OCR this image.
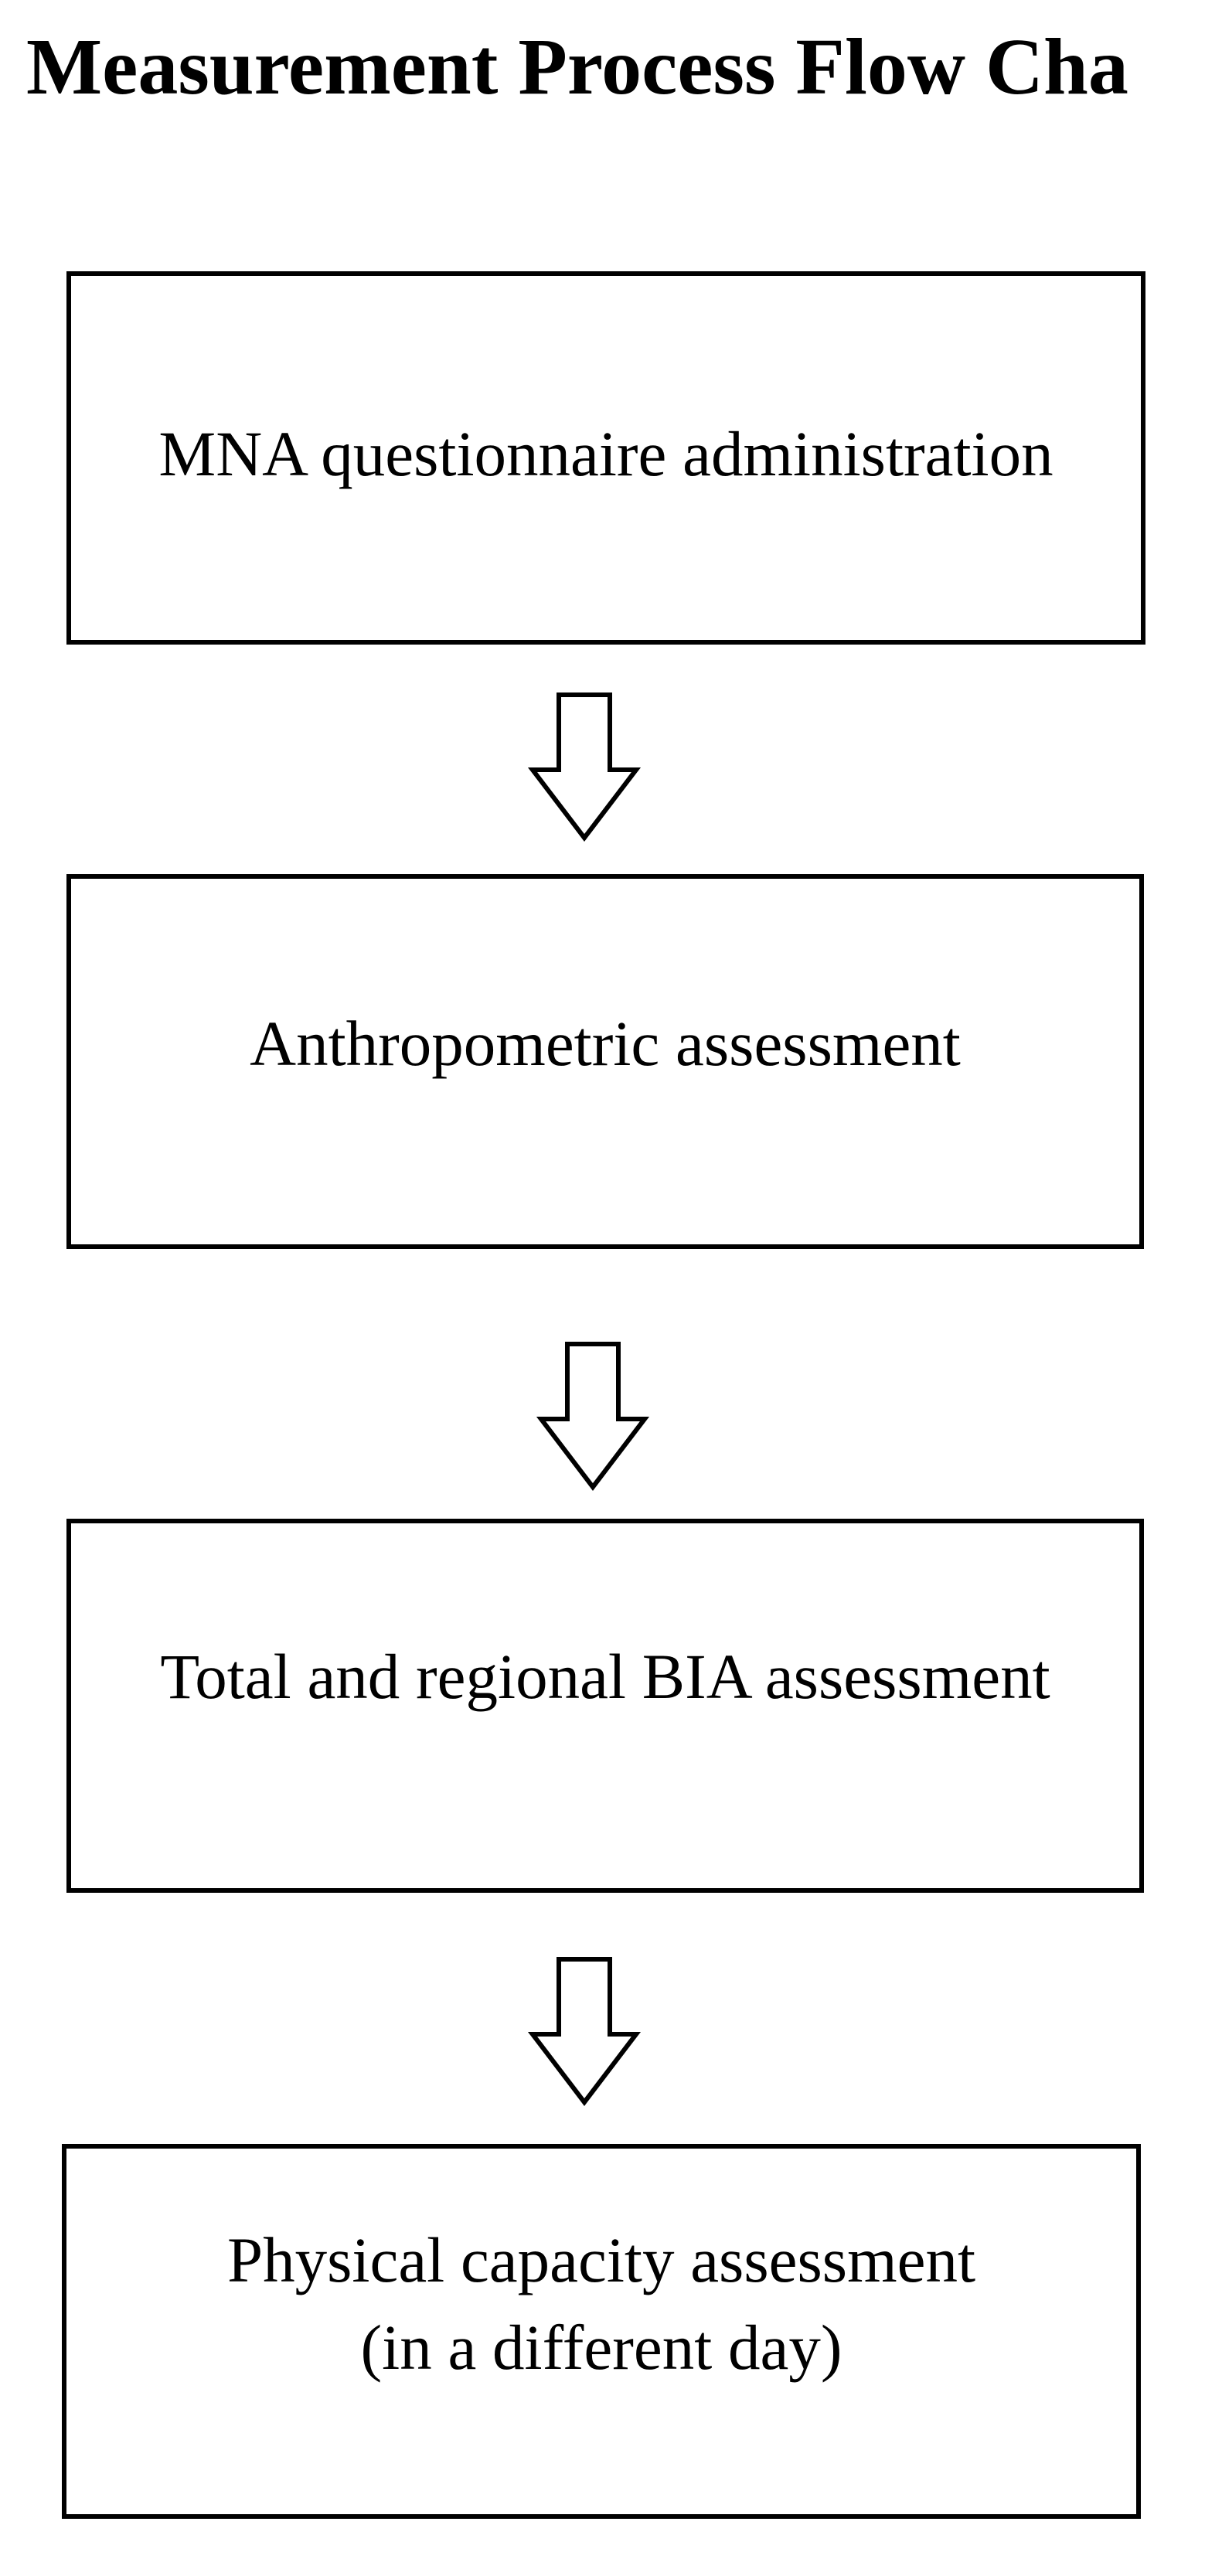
Measurement Process Flow Cha
MNA questionnaire administration
Anthropometric assessment
Total and regional BIA assessment
Physical capacity assessment
(in a different day)
